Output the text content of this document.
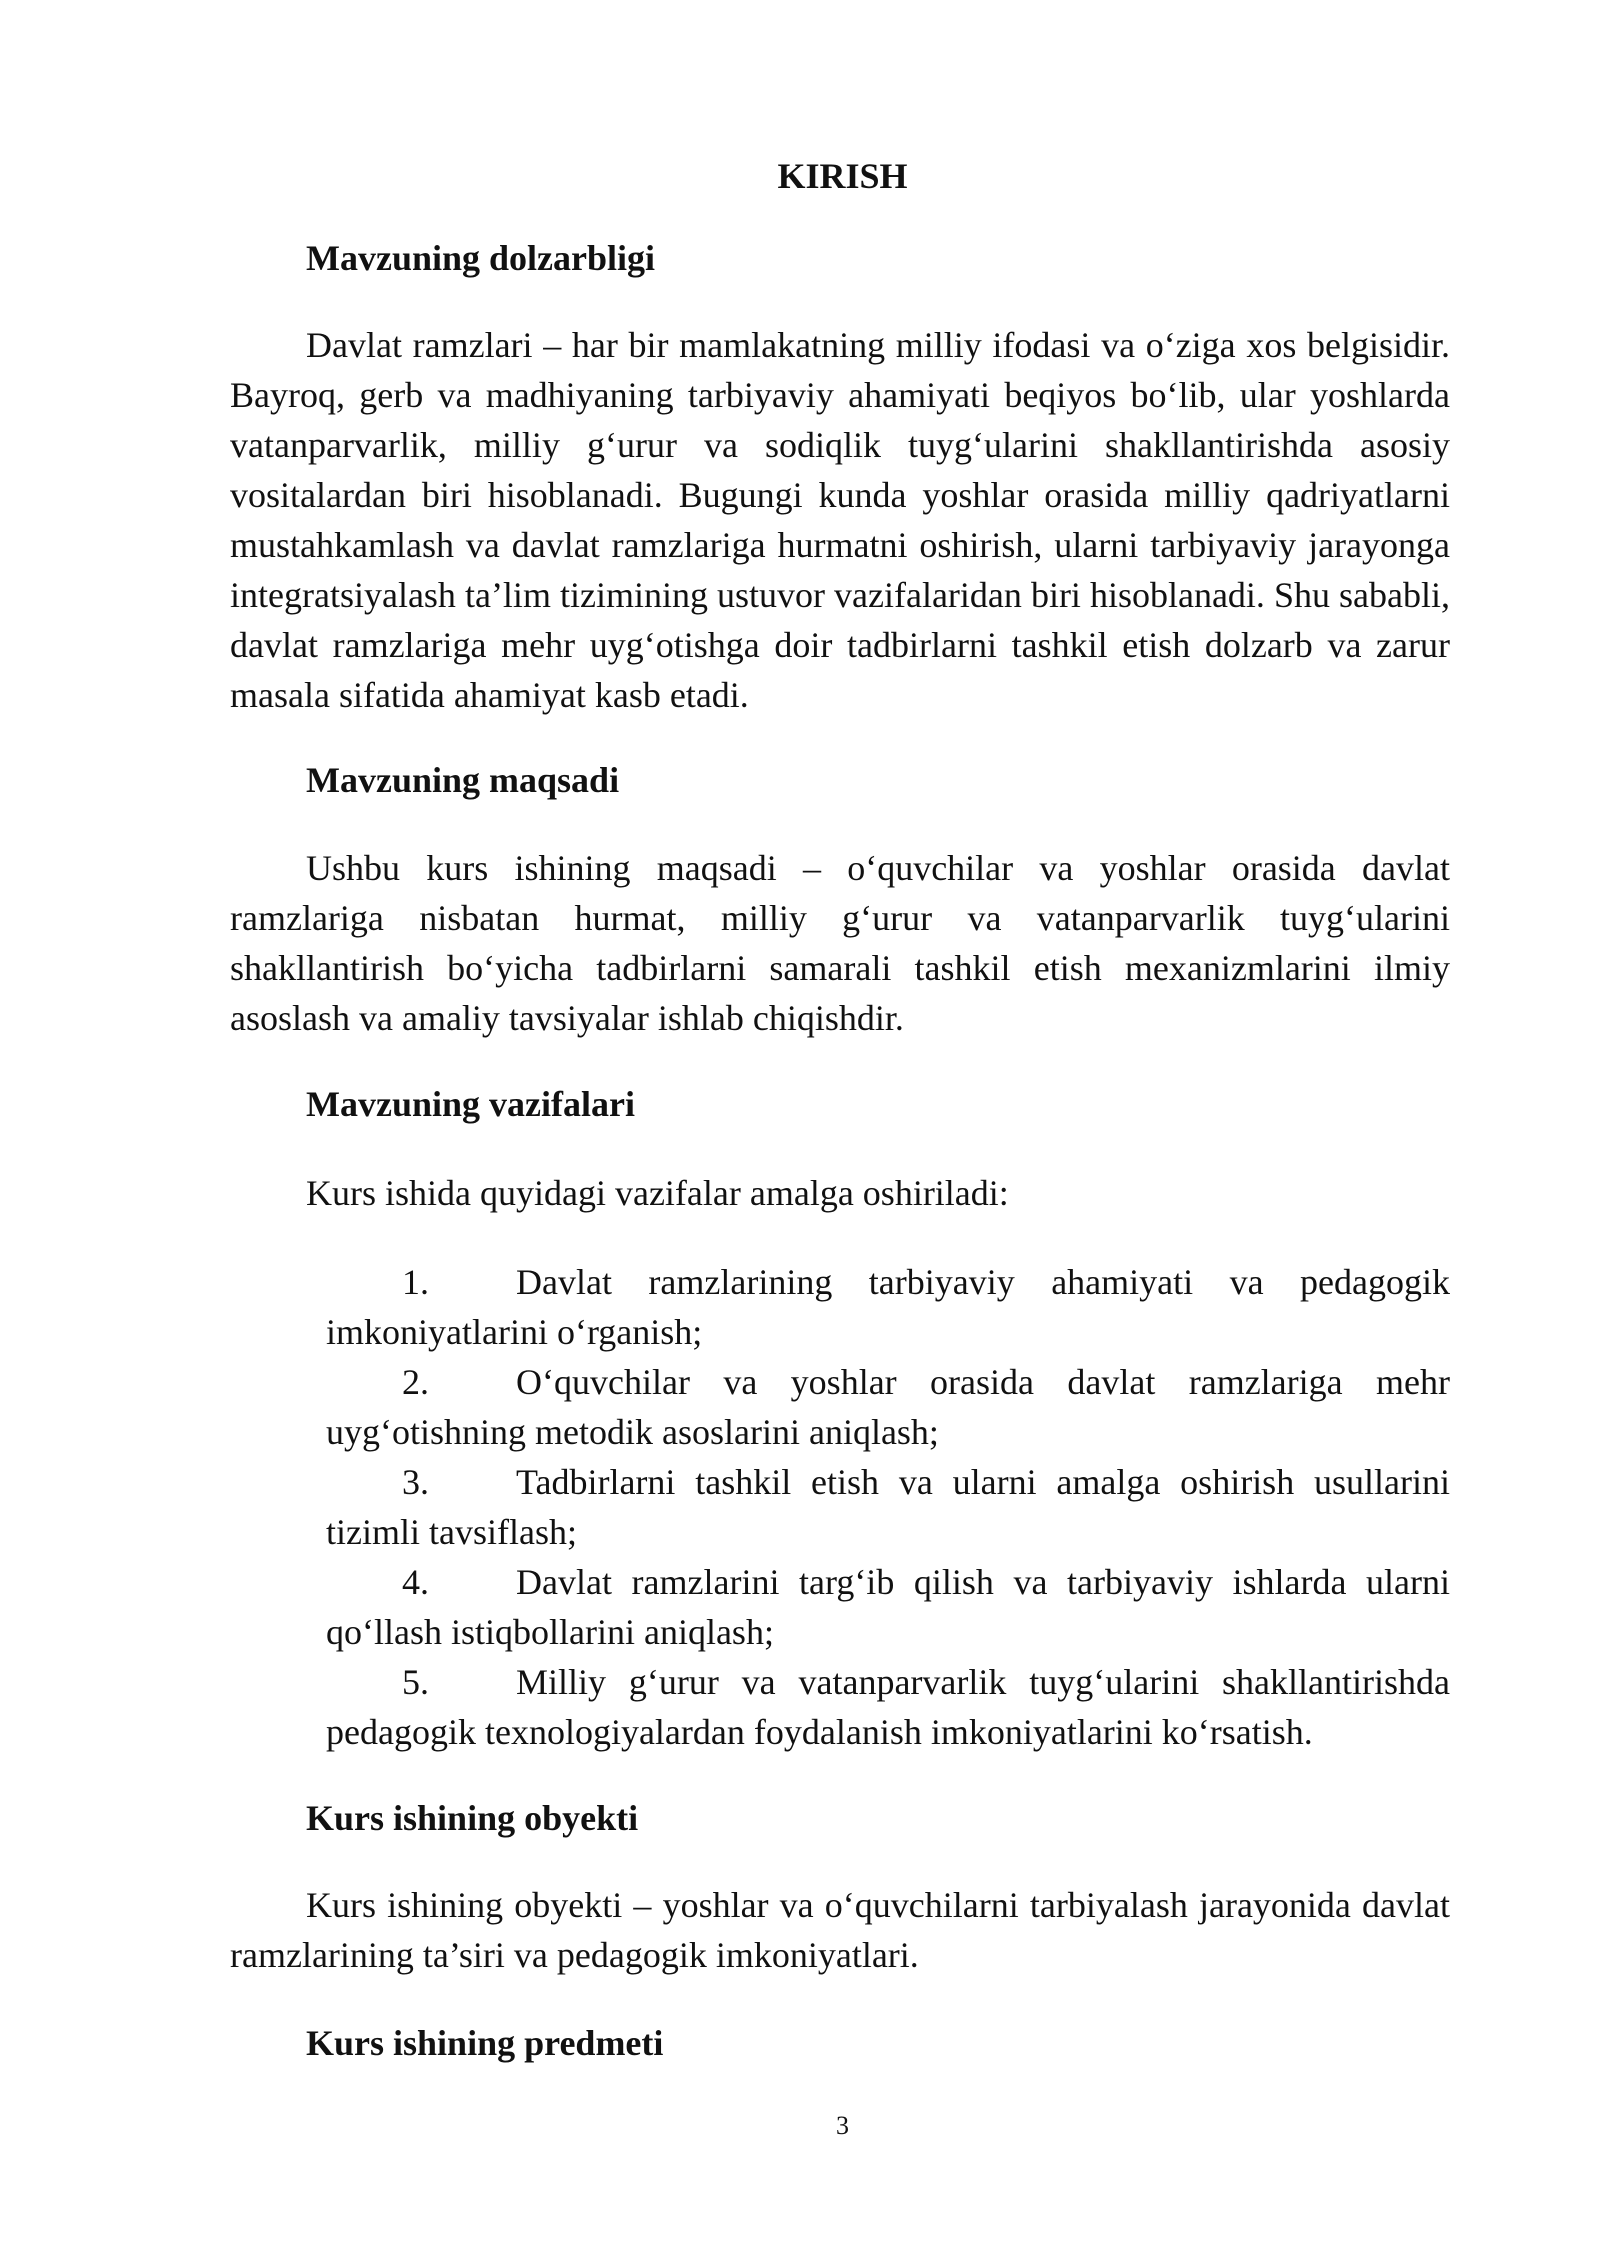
KIRISH

Mavzuning dolzarbligi

Davlat ramzlari – har bir mamlakatning milliy ifodasi va o‘ziga xos belgisidir. Bayroq, gerb va madhiyaning tarbiyaviy ahamiyati beqiyos bo‘lib, ular yoshlarda vatanparvarlik, milliy g‘urur va sodiqlik tuyg‘ularini shakllantirishda asosiy vositalardan biri hisoblanadi. Bugungi kunda yoshlar orasida milliy qadriyatlarni mustahkamlash va davlat ramzlariga hurmatni oshirish, ularni tarbiyaviy jarayonga integratsiyalash ta’lim tizimining ustuvor vazifalaridan biri hisoblanadi. Shu sababli, davlat ramzlariga mehr uyg‘otishga doir tadbirlarni tashkil etish dolzarb va zarur masala sifatida ahamiyat kasb etadi.

Mavzuning maqsadi

Ushbu kurs ishining maqsadi – o‘quvchilar va yoshlar orasida davlat ramzlariga nisbatan hurmat, milliy g‘urur va vatanparvarlik tuyg‘ularini shakllantirish bo‘yicha tadbirlarni samarali tashkil etish mexanizmlarini ilmiy asoslash va amaliy tavsiyalar ishlab chiqishdir.

Mavzuning vazifalari

Kurs ishida quyidagi vazifalar amalga oshiriladi:

1. Davlat ramzlarining tarbiyaviy ahamiyati va pedagogik imkoniyatlarini o‘rganish;
2. O‘quvchilar va yoshlar orasida davlat ramzlariga mehr uyg‘otishning metodik asoslarini aniqlash;
3. Tadbirlarni tashkil etish va ularni amalga oshirish usullarini tizimli tavsiflash;
4. Davlat ramzlarini targ‘ib qilish va tarbiyaviy ishlarda ularni qo‘llash istiqbollarini aniqlash;
5. Milliy g‘urur va vatanparvarlik tuyg‘ularini shakllantirishda pedagogik texnologiyalardan foydalanish imkoniyatlarini ko‘rsatish.

Kurs ishining obyekti

Kurs ishining obyekti – yoshlar va o‘quvchilarni tarbiyalash jarayonida davlat ramzlarining ta’siri va pedagogik imkoniyatlari.

Kurs ishining predmeti

3
